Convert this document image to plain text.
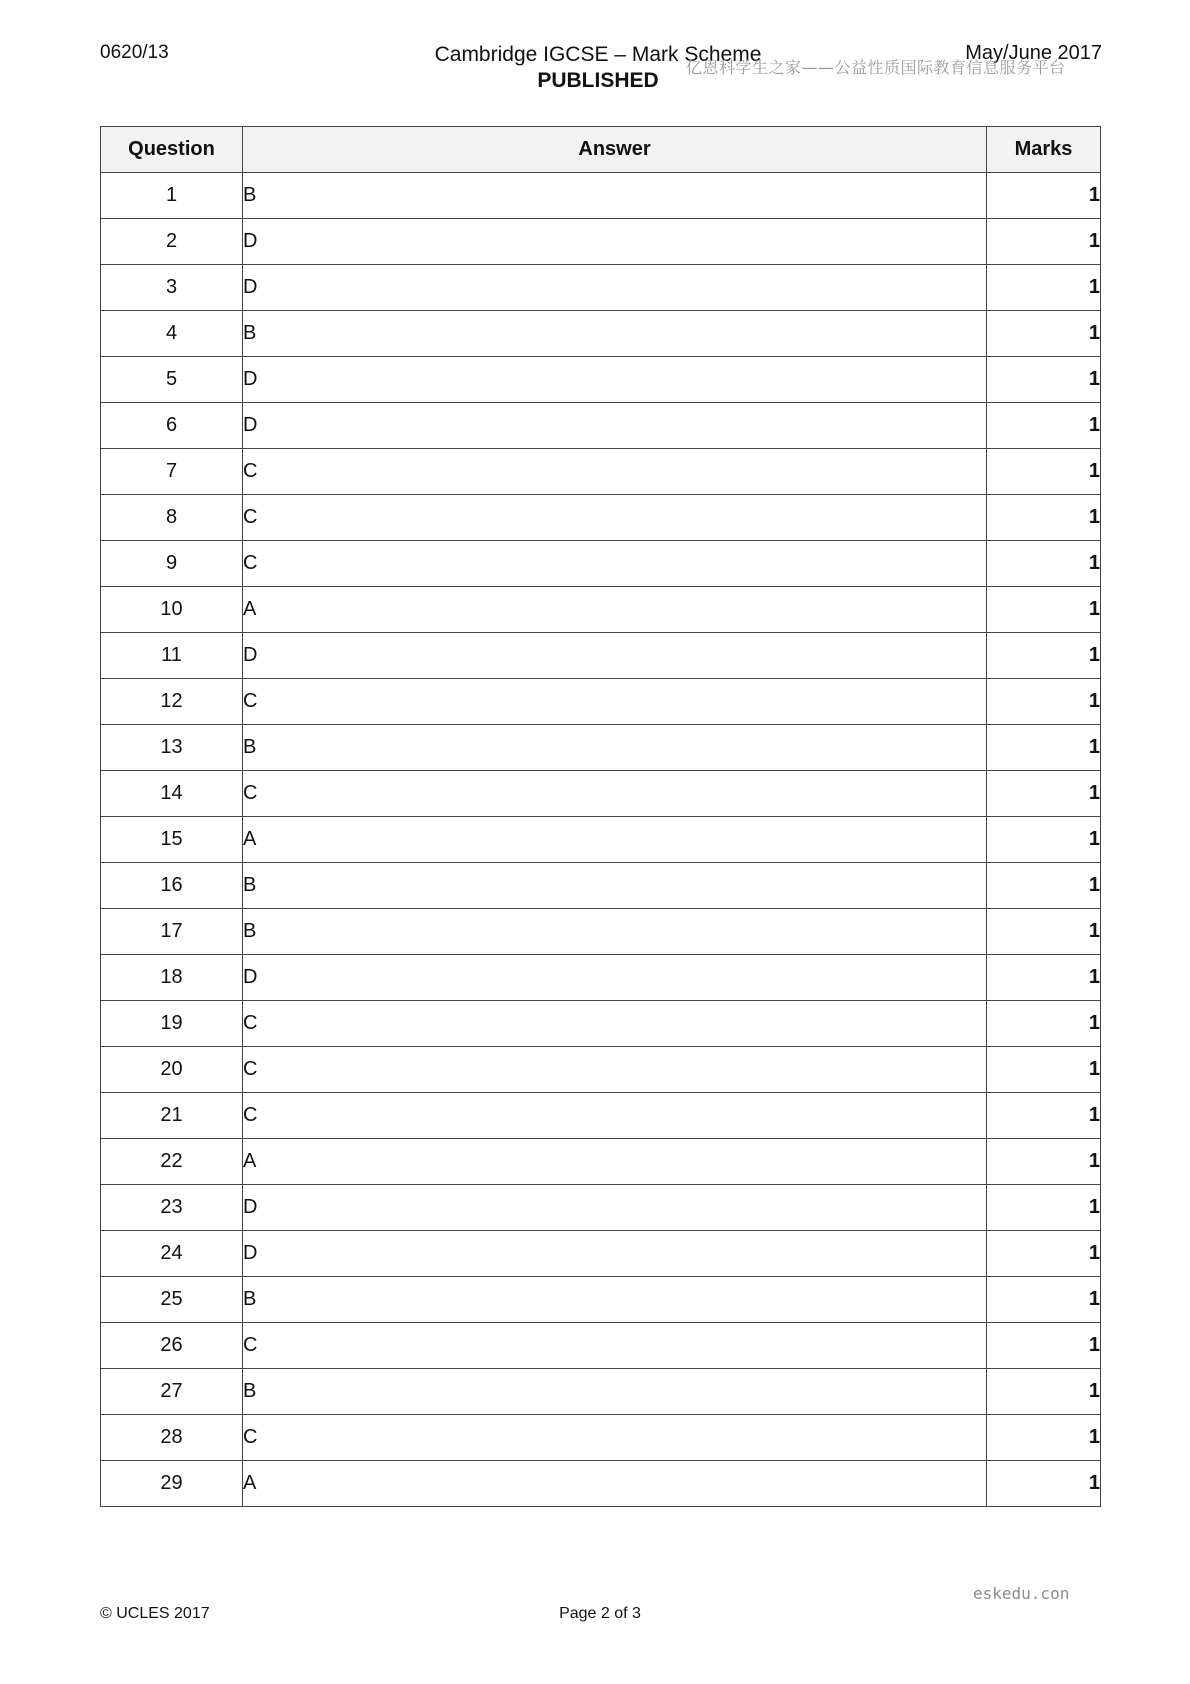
0620/13	Cambridge IGCSE – Mark Scheme
PUBLISHED
May/June 2017
亿恩科学生之家——公益性质国际教育信息服务平台
Question	Answer	Marks
1	B	1
2	D	1
3	D	1
4	B	1
5	D	1
6	D	1
7	C	1
8	C	1
9	C	1
10	A	1
11	D	1
12	C	1
13	B	1
14	C	1
15	A	1
16	B	1
17	B	1
18	D	1
19	C	1
20	C	1
21	C	1
22	A	1
23	D	1
24	D	1
25	B	1
26	C	1
27	B	1
28	C	1
29	A	1
eskedu.con
© UCLES 2017	Page 2 of 3
